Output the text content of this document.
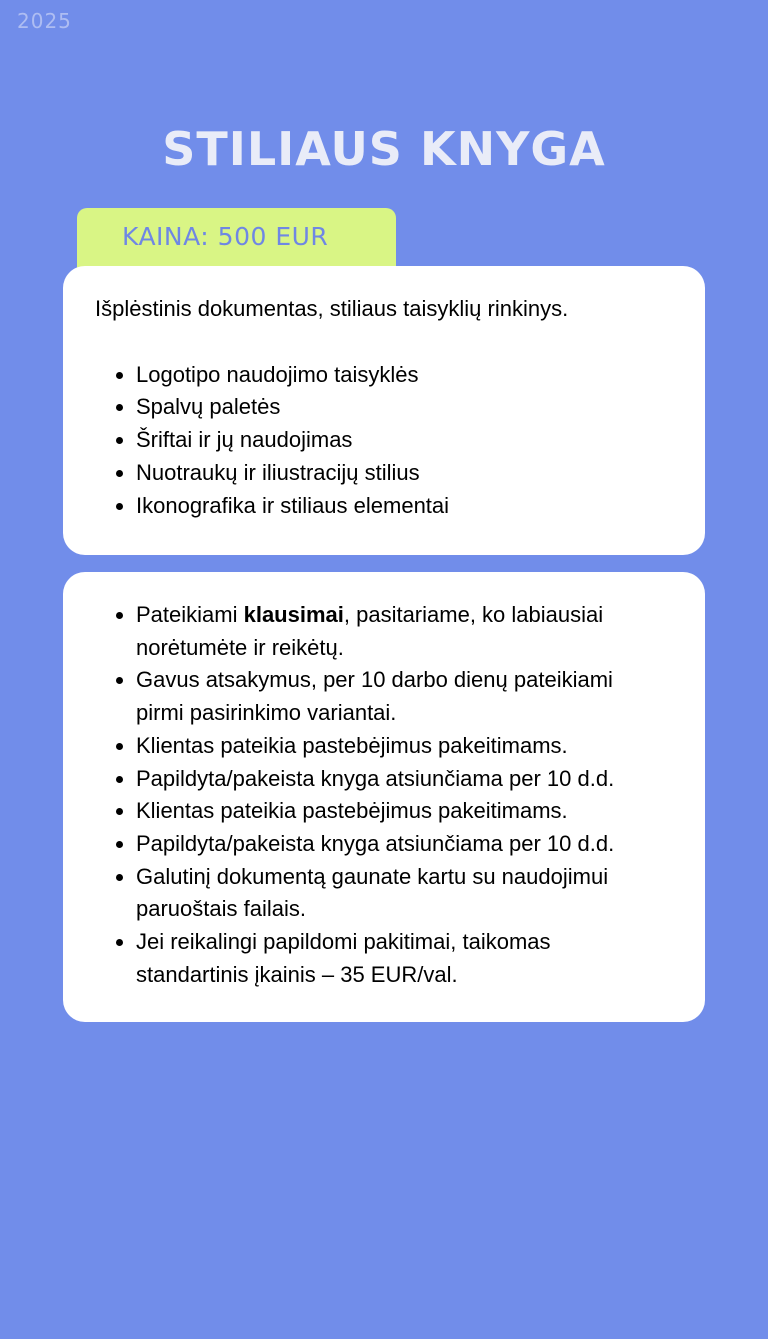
2025
STILIAUS KNYGA
KAINA: 500 EUR

Išplėstinis dokumentas, stiliaus taisyklių rinkinys.

• Logotipo naudojimo taisyklės
• Spalvų paletės
• Šriftai ir jų naudojimas
• Nuotraukų ir iliustracijų stilius
• Ikonografika ir stiliaus elementai
• Pateikiami klausimai, pasitariame, ko labiausiai norėtumėte ir reikėtų.
• Gavus atsakymus, per 10 darbo dienų pateikiami pirmi pasirinkimo variantai.
• Klientas pateikia pastebėjimus pakeitimams.
• Papildyta/pakeista knyga atsiunčiama per 10 d.d.
• Klientas pateikia pastebėjimus pakeitimams.
• Papildyta/pakeista knyga atsiunčiama per 10 d.d.
• Galutinį dokumentą gaunate kartu su naudojimui paruoštais failais.
• Jei reikalingi papildomi pakitimai, taikomas standartinis įkainis – 35 EUR/val.
